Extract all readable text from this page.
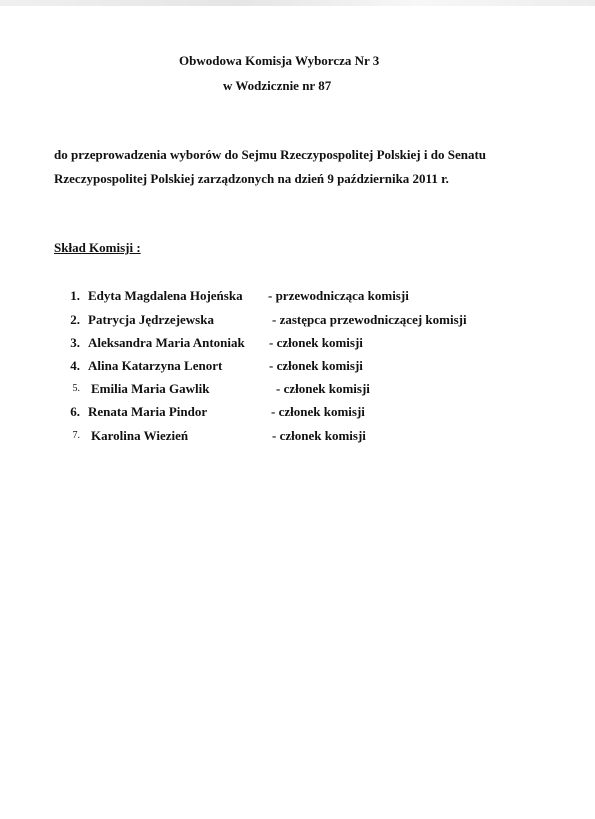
Obwodowa Komisja Wyborcza Nr 3
w Wodzicznie nr 87
do przeprowadzenia wyborów do Sejmu Rzeczypospolitej Polskiej i do Senatu
Rzeczypospolitej Polskiej zarządzonych na dzień 9 października 2011 r.
Skład Komisji :
1. Edyta Magdalena Hojeńska - przewodnicząca komisji
2. Patrycja Jędrzejewska	- zastępca przewodniczącej komisji
3. Aleksandra Maria Antoniak - członek komisji
4. Alina Katarzyna Lenort	- członek komisji
5. Emilia Maria Gawlik	- członek komisji
6. Renata Maria Pindor	- członek komisji
7. Karolina Wiezień	- członek komisji
